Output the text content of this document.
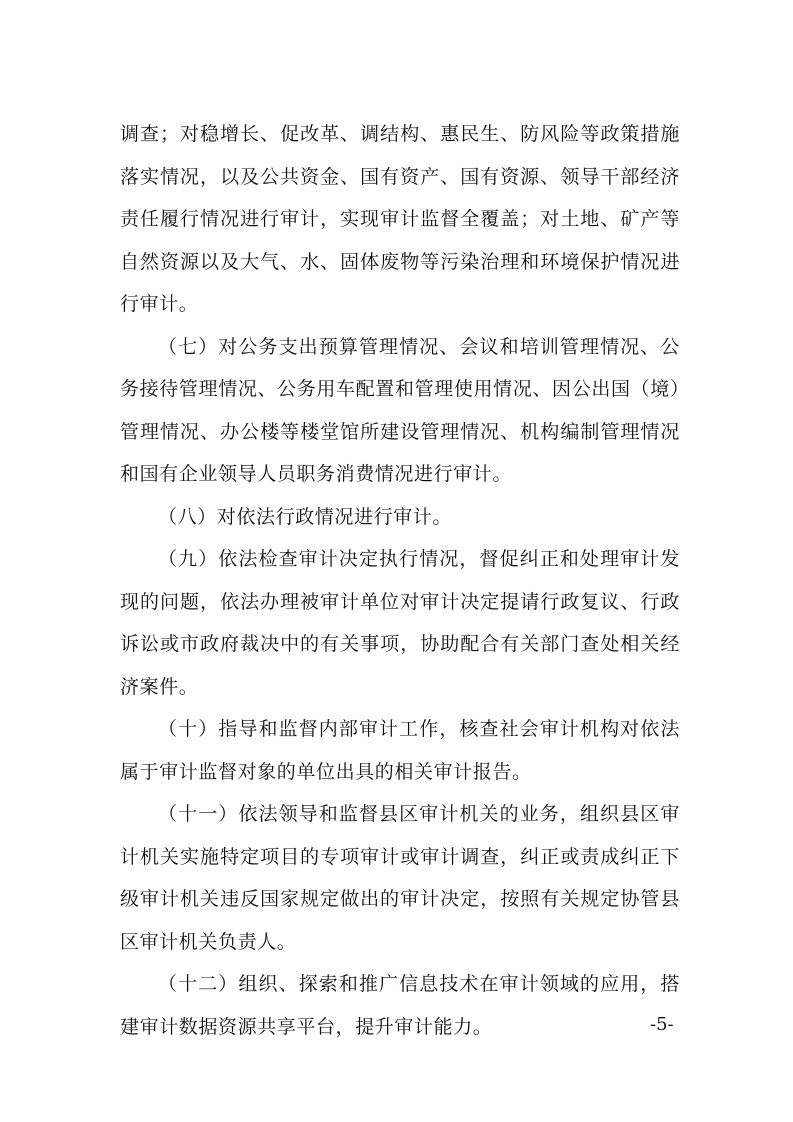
调查；对稳增长、促改革、调结构、惠民生、防风险等政策措施落实情况，以及公共资金、国有资产、国有资源、领导干部经济责任履行情况进行审计，实现审计监督全覆盖；对土地、矿产等自然资源以及大气、水、固体废物等污染治理和环境保护情况进行审计。

（七）对公务支出预算管理情况、会议和培训管理情况、公务接待管理情况、公务用车配置和管理使用情况、因公出国（境）管理情况、办公楼等楼堂馆所建设管理情况、机构编制管理情况和国有企业领导人员职务消费情况进行审计。

（八）对依法行政情况进行审计。

（九）依法检查审计决定执行情况，督促纠正和处理审计发现的问题，依法办理被审计单位对审计决定提请行政复议、行政诉讼或市政府裁决中的有关事项，协助配合有关部门查处相关经济案件。

（十）指导和监督内部审计工作，核查社会审计机构对依法属于审计监督对象的单位出具的相关审计报告。

（十一）依法领导和监督县区审计机关的业务，组织县区审计机关实施特定项目的专项审计或审计调查，纠正或责成纠正下级审计机关违反国家规定做出的审计决定，按照有关规定协管县区审计机关负责人。

（十二）组织、探索和推广信息技术在审计领域的应用，搭建审计数据资源共享平台，提升审计能力。	-5-
